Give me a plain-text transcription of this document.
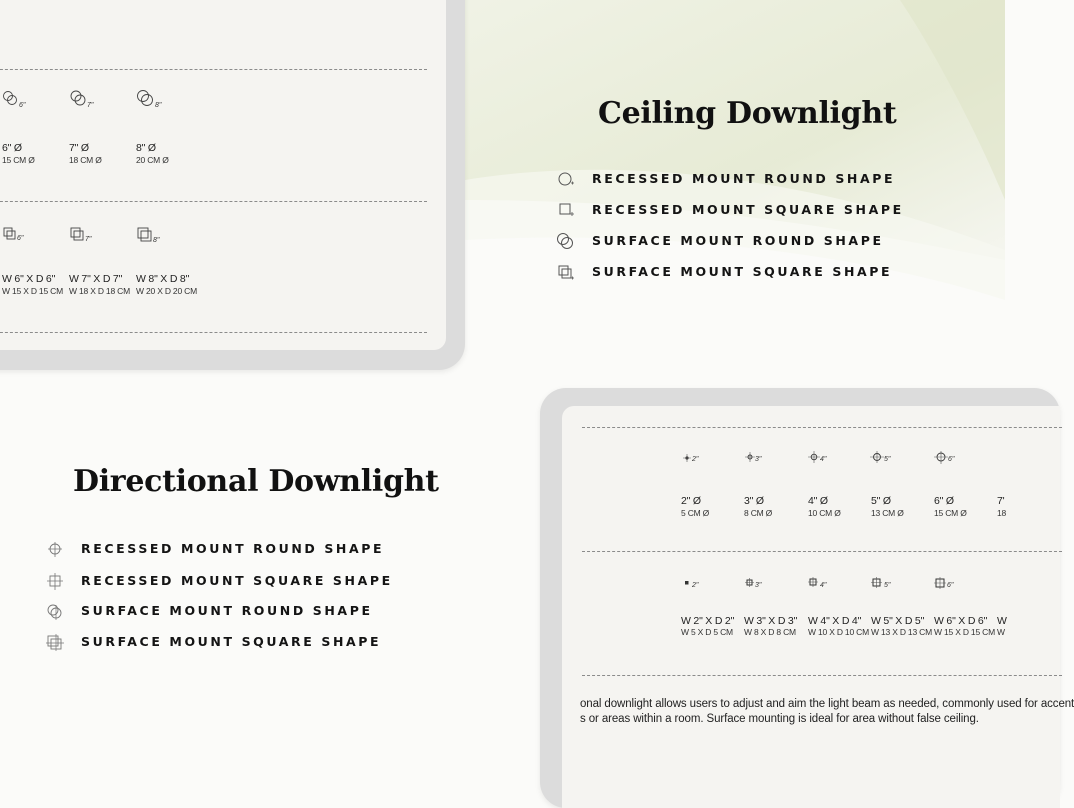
6"
6" Ø
15 CM Ø
7"
7" Ø
18 CM Ø
8"
8" Ø
20 CM Ø
6"
W 6" X D 6"
W 15 X D 15 CM
7"
W 7" X D 7"
W 18 X D 18 CM
8"
W 8" X D 8"
W 20 X D 20 CM
Ceiling Downlight
RECESSED MOUNT ROUND SHAPE
RECESSED MOUNT SQUARE SHAPE
SURFACE MOUNT ROUND SHAPE
SURFACE MOUNT SQUARE SHAPE
Directional Downlight
RECESSED MOUNT ROUND SHAPE
RECESSED MOUNT SQUARE SHAPE
SURFACE MOUNT ROUND SHAPE
SURFACE MOUNT SQUARE SHAPE
2"
2" Ø
5 CM Ø
3"
3" Ø
8 CM Ø
4"
4" Ø
10 CM Ø
5"
5" Ø
13 CM Ø
6"
6" Ø
15 CM Ø
7'
18
2"
W 2" X D 2"
W 5 X D 5 CM
3"
W 3" X D 3"
W 8 X D 8 CM
4"
W 4" X D 4"
W 10 X D 10 CM
5"
W 5" X D 5"
W 13 X D 13 CM
6"
W 6" X D 6"
W 15 X D 15 CM
W
W
onal downlight allows users to adjust and aim the light beam as needed, commonly used for accent
s or areas within a room. Surface mounting is ideal for area without false ceiling.
